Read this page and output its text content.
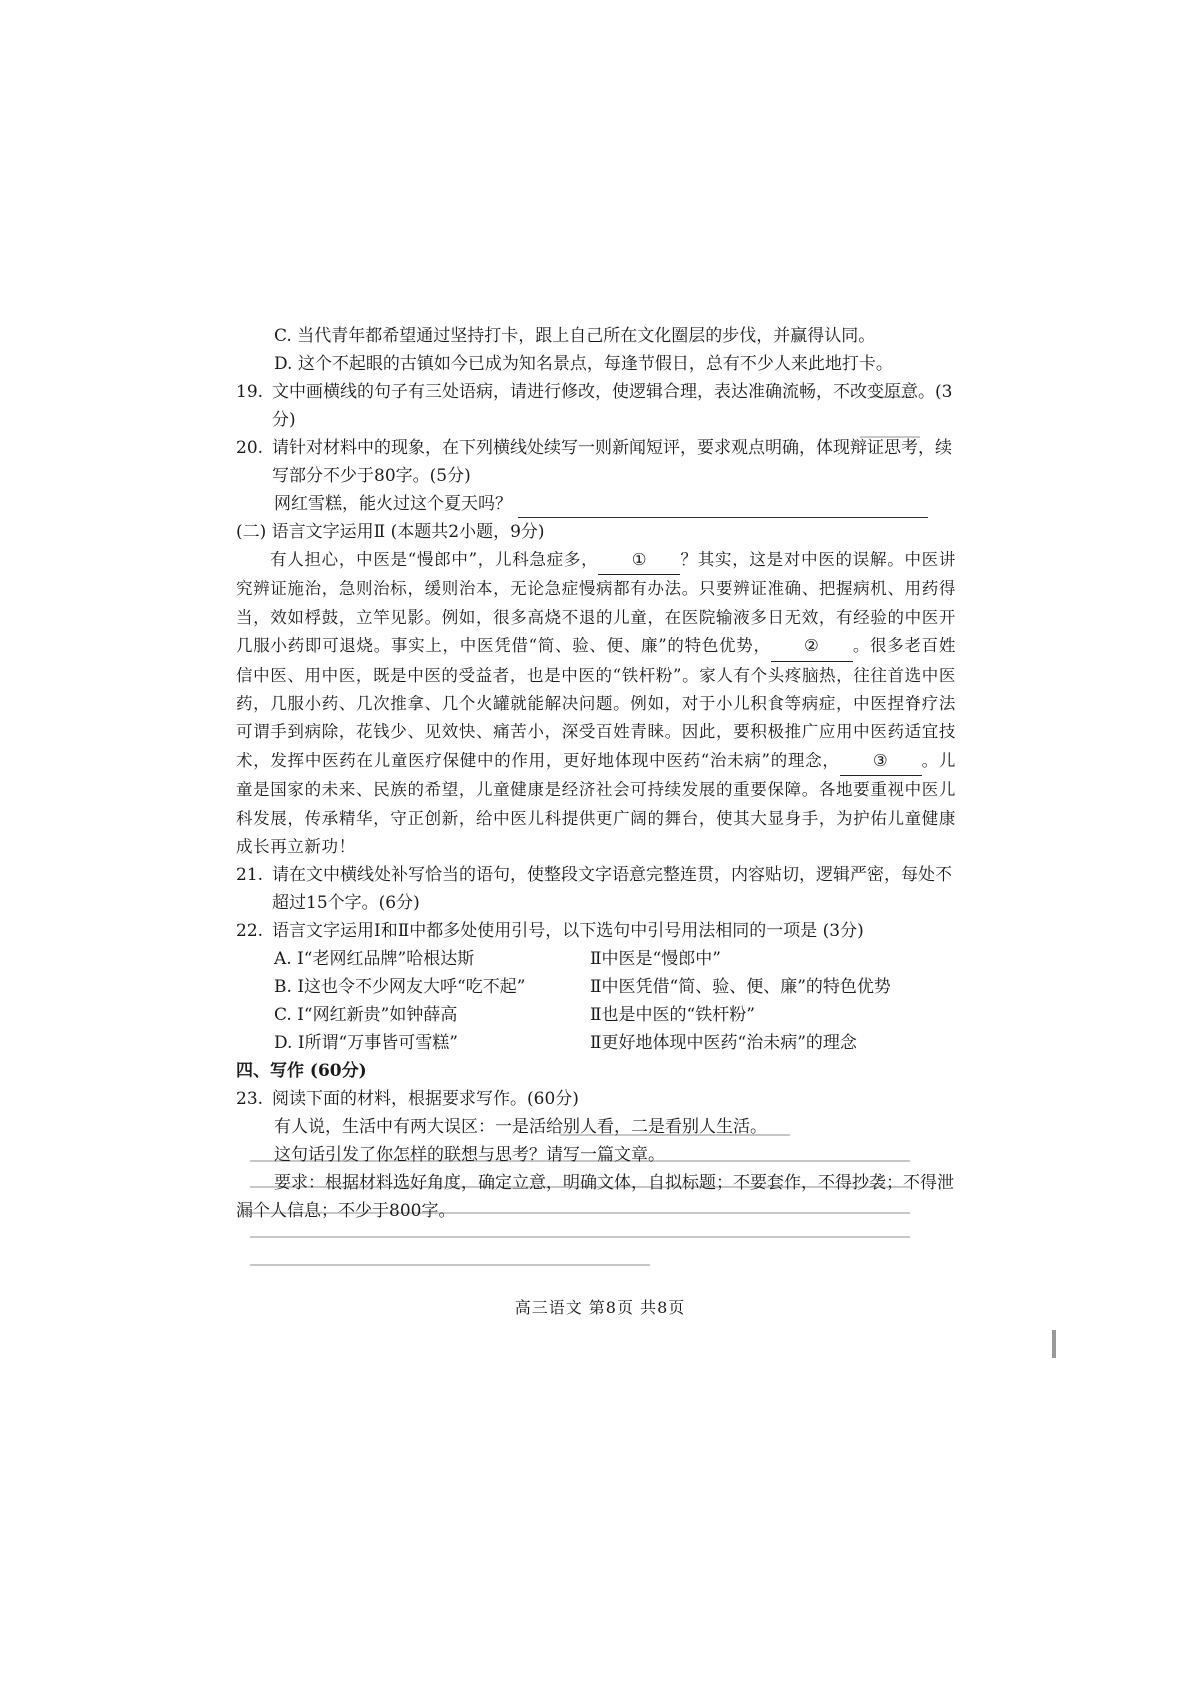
C.
当代青年都希望通过坚持打卡，跟上自己所在文化圈层的步伐，并赢得认同。
D.
这个不起眼的古镇如今已成为知名景点，每逢节假日，总有不少人来此地打卡。
19. 文中画横线的句子有三处语病，请进行修改，使逻辑合理，表达准确流畅，不改变原意。(3分)
20. 请针对材料中的现象，在下列横线处续写一则新闻短评，要求观点明确，体现辩证思考，续写部分不少于80字。(5分)
网红雪糕，能火过这个夏天吗？
(二) 语言文字运用Ⅱ (本题共2小题，9分)

有人担心，中医是“慢郎中”，儿科急症多， ① ？其实，这是对中医的误解。中医讲究辨证施治，急则治标，缓则治本，无论急症慢病都有办法。只要辨证准确、把握病机、用药得当，效如桴鼓，立竿见影。例如，很多高烧不退的儿童，在医院输液多日无效，有经验的中医开几服小药即可退烧。事实上，中医凭借“简、验、便、廉”的特色优势， ② 。很多老百姓信中医、用中医，既是中医的受益者，也是中医的“铁杆粉”。家人有个头疼脑热，往往首选中医药，几服小药、几次推拿、几个火罐就能解决问题。例如，对于小儿积食等病症，中医捏脊疗法可谓手到病除，花钱少、见效快、痛苦小，深受百姓青睐。因此，要积极推广应用中医药适宜技术，发挥中医药在儿童医疗保健中的作用，更好地体现中医药“治未病”的理念， ③ 。儿童是国家的未来、民族的希望，儿童健康是经济社会可持续发展的重要保障。各地要重视中医儿科发展，传承精华，守正创新，给中医儿科提供更广阔的舞台，使其大显身手，为护佑儿童健康成长再立新功！

21. 请在文中横线处补写恰当的语句，使整段文字语意完整连贯，内容贴切，逻辑严密，每处不超过15个字。(6分)
22. 语言文字运用Ⅰ和Ⅱ中都多处使用引号，以下选句中引号用法相同的一项是 (3分)
A. Ⅰ“老网红品牌”哈根达斯	Ⅱ中医是“慢郎中”
B. Ⅰ这也令不少网友大呼“吃不起”	Ⅱ中医凭借“简、验、便、廉”的特色优势
C. Ⅰ“网红新贵”如钟薛高	Ⅱ也是中医的“铁杆粉”
D. Ⅰ所谓“万事皆可雪糕”	Ⅱ更好地体现中医药“治未病”的理念
四、写作 (60分)
23. 阅读下面的材料，根据要求写作。(60分)
有人说，生活中有两大误区：一是活给别人看，二是看别人生活。
这句话引发了你怎样的联想与思考？请写一篇文章。
要求：根据材料选好角度，确定立意，明确文体，自拟标题；不要套作，不得抄袭；不得泄漏个人信息；不少于800字。
高三语文 第8页 共8页
